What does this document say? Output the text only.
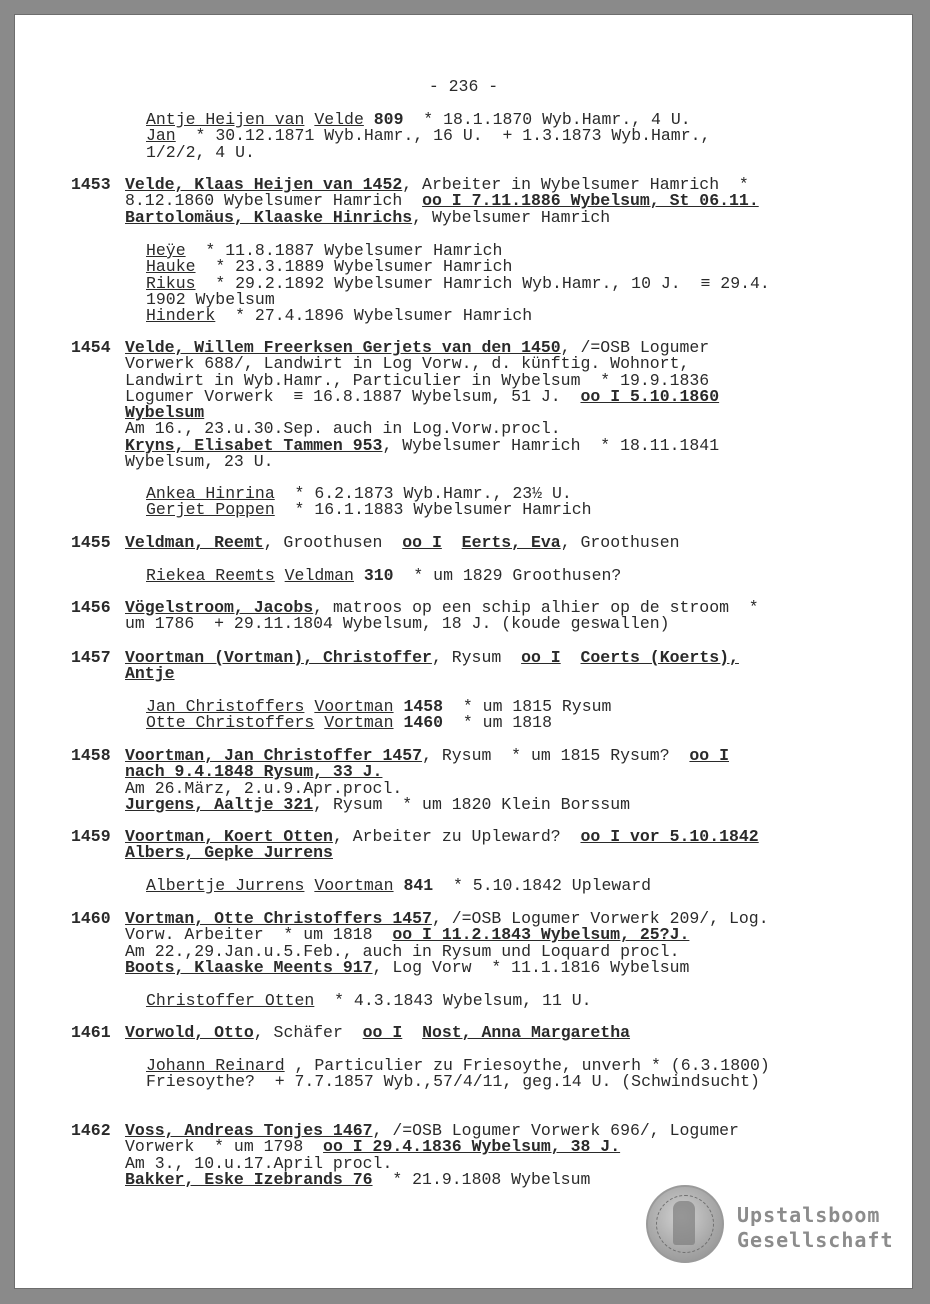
- 236 -
Antje Heijen van Velde 809  * 18.1.1870 Wyb.Hamr., 4 U.
Jan  * 30.12.1871 Wyb.Hamr., 16 U.  + 1.3.1873 Wyb.Hamr.,
1/2/2, 4 U.
1453 Velde, Klaas Heijen van 1452, Arbeiter in Wybelsumer Hamrich  *
8.12.1860 Wybelsumer Hamrich  oo I 7.11.1886 Wybelsum, St 06.11.
Bartolomäus, Klaaske Hinrichs, Wybelsumer Hamrich
Heÿe  * 11.8.1887 Wybelsumer Hamrich
Hauke  * 23.3.1889 Wybelsumer Hamrich
Rikus  * 29.2.1892 Wybelsumer Hamrich Wyb.Hamr., 10 J.  ≡ 29.4.
1902 Wybelsum
Hinderk  * 27.4.1896 Wybelsumer Hamrich
1454 Velde, Willem Freerksen Gerjets van den 1450, /=OSB Logumer
Vorwerk 688/, Landwirt in Log Vorw., d. künftig. Wohnort,
Landwirt in Wyb.Hamr., Particulier in Wybelsum  * 19.9.1836
Logumer Vorwerk  ≡ 16.8.1887 Wybelsum, 51 J.  oo I 5.10.1860
Wybelsum
Am 16., 23.u.30.Sep. auch in Log.Vorw.procl.
Kryns, Elisabet Tammen 953, Wybelsumer Hamrich  * 18.11.1841
Wybelsum, 23 U.
Ankea Hinrina  * 6.2.1873 Wyb.Hamr., 23½ U.
Gerjet Poppen  * 16.1.1883 Wybelsumer Hamrich
1455 Veldman, Reemt, Groothusen  oo I Eerts, Eva, Groothusen
Riekea Reemts Veldman 310  * um 1829 Groothusen?
1456 Vögelstroom, Jacobs, matroos op een schip alhier op de stroom  *
um 1786  + 29.11.1804 Wybelsum, 18 J. (koude geswallen)
1457 Voortman (Vortman), Christoffer, Rysum  oo I Coerts (Koerts),
Antje
Jan Christoffers Voortman 1458  * um 1815 Rysum
Otte Christoffers Vortman 1460  * um 1818
1458 Voortman, Jan Christoffer 1457, Rysum  * um 1815 Rysum?  oo I
nach 9.4.1848 Rysum, 33 J.
Am 26.März, 2.u.9.Apr.procl.
Jurgens, Aaltje 321, Rysum  * um 1820 Klein Borssum
1459 Voortman, Koert Otten, Arbeiter zu Upleward?  oo I vor 5.10.1842
Albers, Gepke Jurrens
Albertje Jurrens Voortman 841  * 5.10.1842 Upleward
1460 Vortman, Otte Christoffers 1457, /=OSB Logumer Vorwerk 209/, Log.
Vorw. Arbeiter  * um 1818  oo I 11.2.1843 Wybelsum, 25?J.
Am 22.,29.Jan.u.5.Feb., auch in Rysum und Loquard procl.
Boots, Klaaske Meents 917, Log Vorw  * 11.1.1816 Wybelsum
Christoffer Otten  * 4.3.1843 Wybelsum, 11 U.
1461 Vorwold, Otto, Schäfer  oo I Nost, Anna Margaretha
Johann Reinard , Particulier zu Friesoythe, unverh * (6.3.1800)
Friesoythe?  + 7.7.1857 Wyb.,57/4/11, geg.14 U. (Schwindsucht)
1462 Voss, Andreas Tonjes 1467, /=OSB Logumer Vorwerk 696/, Logumer
Vorwerk  * um 1798  oo I 29.4.1836 Wybelsum, 38 J.
Am 3., 10.u.17.April procl.
Bakker, Eske Izebrands 76  * 21.9.1808 Wybelsum
Upstalsboom
Gesellschaft
